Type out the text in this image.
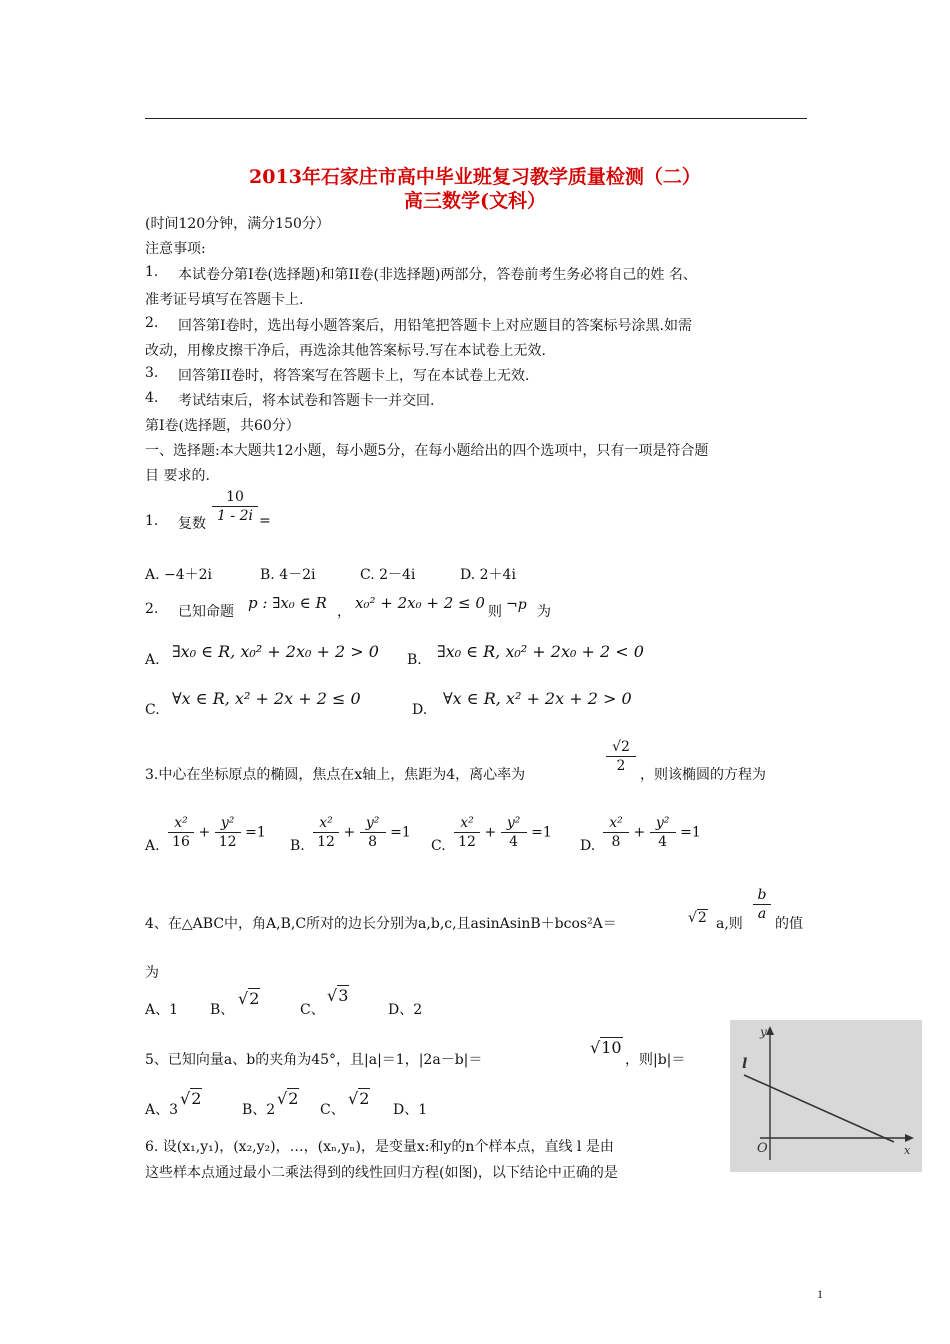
2013年石家庄市高中毕业班复习教学质量检测（二）
高三数学(文科）
(时间120分钟，满分150分）
注意事项:
1. 本试卷分第Ⅰ卷(选择题)和第II卷(非选择题)两部分，答卷前考生务必将自己的姓 名、
准考证号填写在答题卡上.
2. 回答第Ⅰ卷时，选出每小题答案后，用铅笔把答题卡上对应题目的答案标号涂黑.如需
改动，用橡皮擦干净后，再选涂其他答案标号.写在本试卷上无效.
3. 回答第II卷时，将答案写在答题卡上，写在本试卷上无效.
4. 考试结束后，将本试卷和答题卡一并交回.
第Ⅰ卷(选择题，共60分）
一、选择题:本大题共12小题，每小题5分，在每小题给出的四个选项中，只有一项是符合题
目 要求的.
1. 复数 $\frac{10}{1 - 2i}$ =
A. −4＋2i	B. 4－2i	C. 2－4i	D. 2＋4i
2. 已知命题 p : ∃x₀ ∈ R ， x₀² + 2x₀ + 2 ≤ 0 则 ¬p 为
A. ∃x₀ ∈ R, x₀² + 2x₀ + 2 > 0 B. ∃x₀ ∈ R, x₀² + 2x₀ + 2 < 0
C.
∀x ∈ R, x² + 2x + 2 ≤ 0
D.
∀x ∈ R, x² + 2x + 2 > 0
3.中心在坐标原点的椭圆，焦点在x轴上，焦距为4，离心率为	$\frac{√2}{2}$ ，则该椭圆的方程为
A. $\frac{\text{x²}}{16} + \frac{\text{y²}}{12} =1$
B. $\frac{\text{x²}}{12} + \frac{\text{y²}}{8} =1$
C. $\frac{\text{x²}}{12} + \frac{\text{y²}}{4} =1$
D. $\frac{\text{x²}}{8} + \frac{\text{y²}}{4} =1$
4、在△ABC中，角A,B,C所对的边长分别为a,b,c,且asinAsinB＋bcos²A＝	√2 a,则
$\frac{b}{a}$
的值
为
A、1 B、
√2
C、
√3
D、2
5、已知向量a、b的夹角为45°，且|a|＝1，|2a－b|＝
√10
，则|b|＝
A、3
√2
B、2
√2
C、
√2
D、1
6. 设(x₁,y₁)，(x₂,y₂)，…，(xₙ,yₙ)，是变量x:和y的n个样本点，直线 l 是由
这些样本点通过最小二乘法得到的线性回归方程(如图)，以下结论中正确的是
y
x
O
l
1
